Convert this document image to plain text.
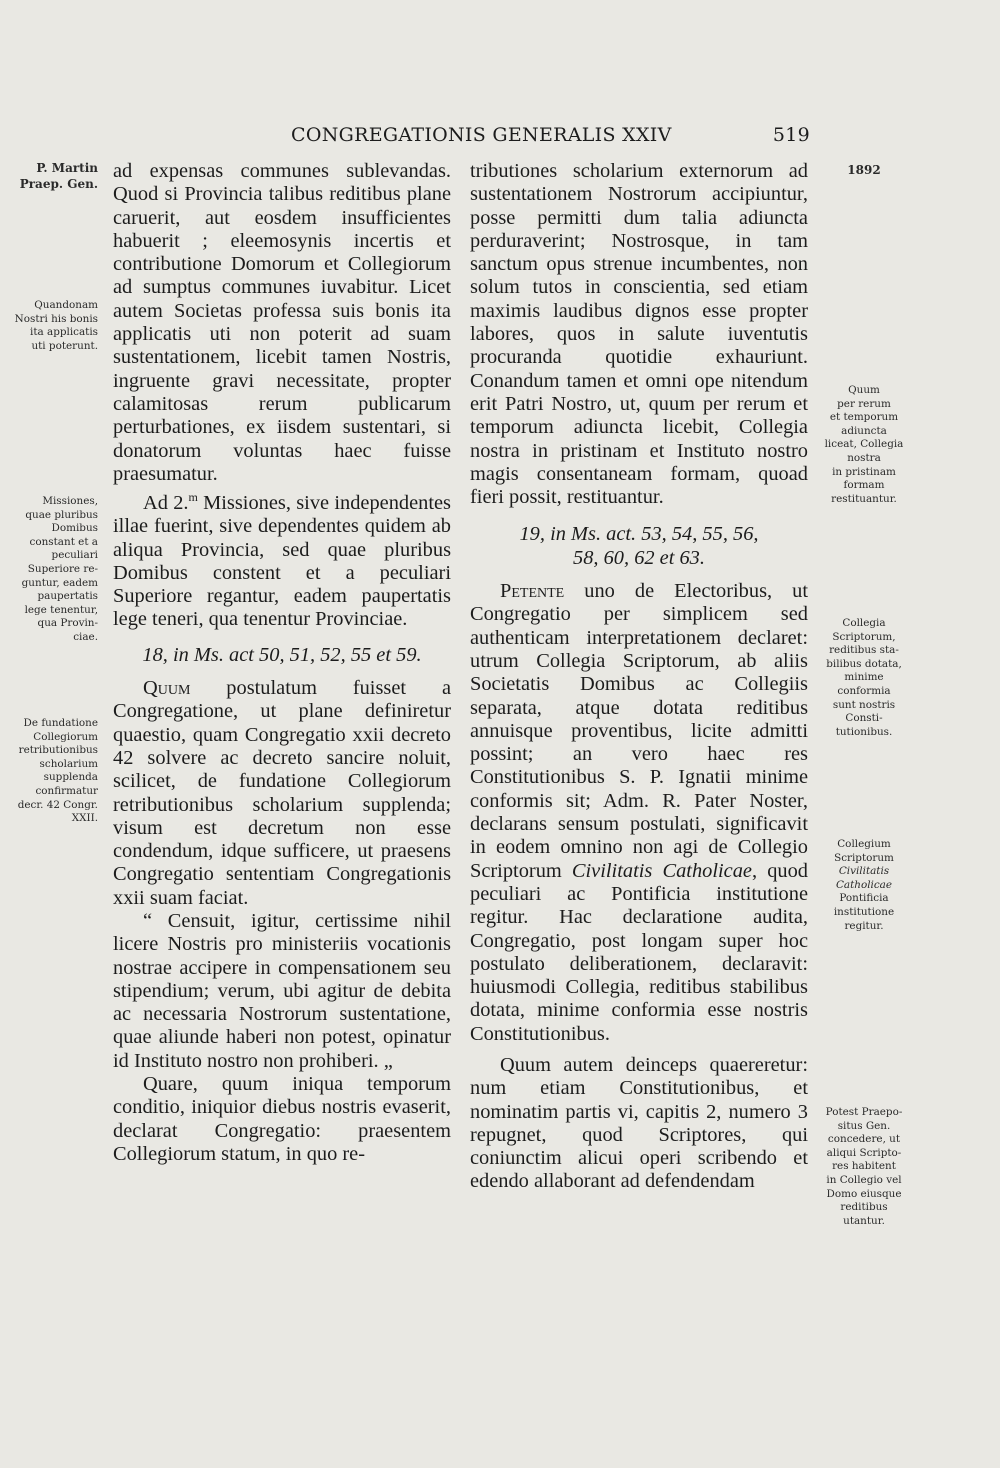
CONGREGATIONIS GENERALIS XXIV	519
P. Martin
Praep. Gen.
Quandonam
Nostri his bonis
ita applicatis
uti poterunt.
Missiones,
quae pluribus
Domibus
constant et a
peculiari
Superiore re-
guntur, eadem
paupertatis
lege tenentur,
qua Provin-
ciae.
De fundatione
Collegiorum
retributionibus
scholarium
supplenda
confirmatur
decr. 42 Congr.
XXII.
1892
Quum
per rerum
et temporum
adiuncta
liceat, Collegia
nostra
in pristinam
formam
restituantur.
Collegia
Scriptorum,
reditibus sta-
bilibus dotata,
minime
conformia
sunt nostris
Consti-
tutionibus.
Collegium
Scriptorum
Civilitatis
Catholicae
Pontificia
institutione
regitur.
Potest Praepo-
situs Gen.
concedere, ut
aliqui Scripto-
res habitent
in Collegio vel
Domo eiusque
reditibus
utantur.

ad expensas communes sublevandas. Quod si Provincia talibus reditibus plane caruerit, aut eosdem insufficientes habuerit ; eleemosynis incertis et contributione Domorum et Collegiorum ad sumptus communes iuvabitur. Licet autem Societas professa suis bonis ita applicatis uti non poterit ad suam sustentationem, licebit tamen Nostris, ingruente gravi necessitate, propter calamitosas rerum publicarum perturbationes, ex iisdem sustentari, si donatorum voluntas haec fuisse praesumatur.

Ad 2.$^m$ Missiones, sive independentes illae fuerint, sive dependentes quidem ab aliqua Provincia, sed quae pluribus Domibus constent et a peculiari Superiore regantur, eadem paupertatis lege teneri, qua tenentur Provinciae.

18, in Ms. act 50, 51, 52, 55 et 59.

Quum postulatum fuisset a Congregatione, ut plane definiretur quaestio, quam Congregatio xxii decreto 42 solvere ac decreto sancire noluit, scilicet, de fundatione Collegiorum retributionibus scholarium supplenda; visum est decretum non esse condendum, idque sufficere, ut praesens Congregatio sententiam Congregationis xxii suam faciat.

“ Censuit, igitur, certissime nihil licere Nostris pro ministeriis vocationis nostrae accipere in compensationem seu stipendium; verum, ubi agitur de debita ac necessaria Nostrorum sustentatione, quae aliunde haberi non potest, opinatur id Instituto nostro non prohiberi. „

Quare, quum iniqua temporum conditio, iniquior diebus nostris evaserit, declarat Congregatio: praesentem Collegiorum statum, in quo re-

tributiones scholarium externorum ad sustentationem Nostrorum accipiuntur, posse permitti dum talia adiuncta perduraverint; Nostrosque, in tam sanctum opus strenue incumbentes, non solum tutos in conscientia, sed etiam maximis laudibus dignos esse propter labores, quos in salute iuventutis procuranda quotidie exhauriunt. Conandum tamen et omni ope nitendum erit Patri Nostro, ut, quum per rerum et temporum adiuncta licebit, Collegia nostra in pristinam et Instituto nostro magis consentaneam formam, quoad fieri possit, restituantur.

19, in Ms. act. 53, 54, 55, 56,
58, 60, 62 et 63.

Petente uno de Electoribus, ut Congregatio per simplicem sed authenticam interpretationem declaret: utrum Collegia Scriptorum, ab aliis Societatis Domibus ac Collegiis separata, atque dotata reditibus annuisque proventibus, licite admitti possint; an vero haec res Constitutionibus S. P. Ignatii minime conformis sit; Adm. R. Pater Noster, declarans sensum postulati, significavit in eodem omnino non agi de Collegio Scriptorum Civilitatis Catholicae, quod peculiari ac Pontificia institutione regitur. Hac declaratione audita, Congregatio, post longam super hoc postulato deliberationem, declaravit: huiusmodi Collegia, reditibus stabilibus dotata, minime conformia esse nostris Constitutionibus.

Quum autem deinceps quaereretur: num etiam Constitutionibus, et nominatim partis vi, capitis 2, numero 3 repugnet, quod Scriptores, qui coniunctim alicui operi scribendo et edendo allaborant ad defendendam
